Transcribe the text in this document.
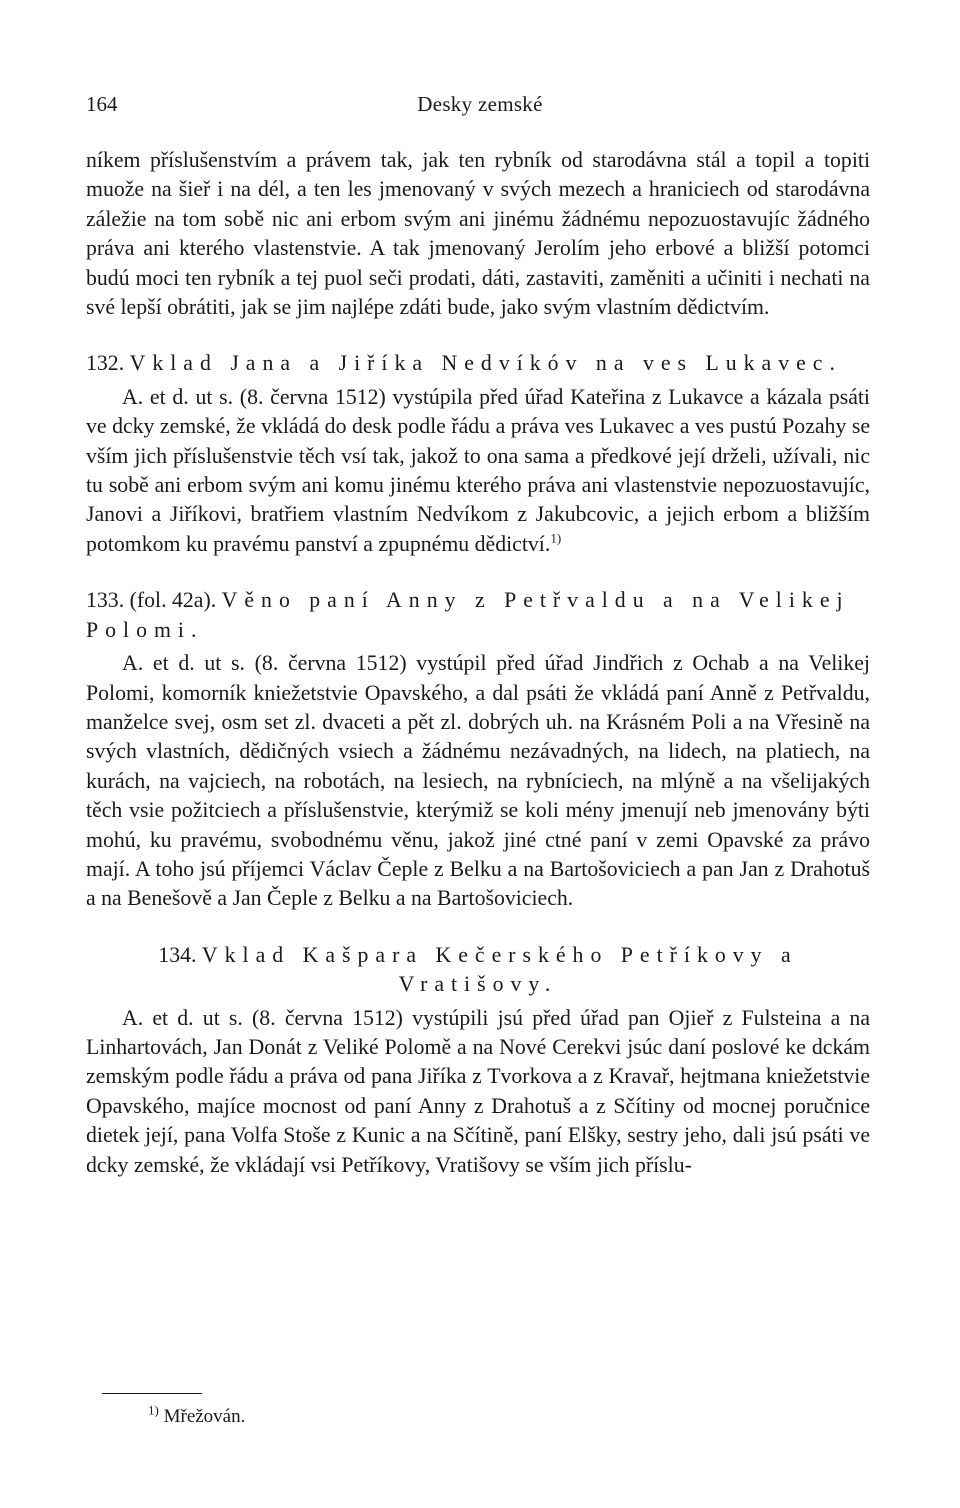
164	Desky zemské

níkem příslušenstvím a právem tak, jak ten rybník od starodávna stál a topil a topiti muože na šieř i na dél, a ten les jmenovaný v svých mezech a hraniciech od starodávna záležie na tom sobě nic ani erbom svým ani jinému žádnému nepozuostavujíc žádného práva ani kterého vlastenstvie. A tak jmenovaný Jerolím jeho erbové a bližší potomci budú moci ten rybník a tej puol seči prodati, dáti, zastaviti, zaměniti a učiniti i nechati na své lepší obrátiti, jak se jim najlépe zdáti bude, jako svým vlastním dědictvím.

132. Vklad Jana a Jiříka Nedvíkóv na ves Lukavec.

A. et d. ut s. (8. června 1512) vystúpila před úřad Kateřina z Lukavce a kázala psáti ve dcky zemské, že vkládá do desk podle řádu a práva ves Lukavec a ves pustú Pozahy se vším jich příslušenstvie těch vsí tak, jakož to ona sama a předkové její drželi, užívali, nic tu sobě ani erbom svým ani komu jinému kterého práva ani vlastenstvie nepozuostavujíc, Janovi a Jiříkovi, bratřiem vlastním Nedvíkom z Jakubcovic, a jejich erbom a bližším potomkom ku pravému panství a zpupnému dědictví.$^{1)}$

133. (fol. 42a). Věno paní Anny z Petřvaldu a na Velikej Polomi.

A. et d. ut s. (8. června 1512) vystúpil před úřad Jindřich z Ochab a na Velikej Polomi, komorník kniežetstvie Opavského, a dal psáti že vkládá paní Anně z Petřvaldu, manželce svej, osm set zl. dvaceti a pět zl. dobrých uh. na Krásném Poli a na Vřesině na svých vlastních, dědičných vsiech a žádnému nezávadných, na lidech, na platiech, na kurách, na vajciech, na robotách, na lesiech, na rybníciech, na mlýně a na všelijakých těch vsie požitciech a příslušenstvie, kterýmiž se koli mény jmenují neb jmenovány býti mohú, ku pravému, svobodnému věnu, jakož jiné ctné paní v zemi Opavské za právo mají. A toho jsú příjemci Václav Čeple z Belku a na Bartošoviciech a pan Jan z Drahotuš a na Benešově a Jan Čeple z Belku a na Bartošoviciech.

134. Vklad Kašpara Kečerského Petříkovy a Vratišovy.

A. et d. ut s. (8. června 1512) vystúpili jsú před úřad pan Ojieř z Fulsteina a na Linhartovách, Jan Donát z Veliké Polomě a na Nové Cerekvi jsúc daní poslové ke dckám zemským podle řádu a práva od pana Jiříka z Tvorkova a z Kravař, hejtmana kniežetstvie Opavského, majíce mocnost od paní Anny z Drahotuš a z Sčítiny od mocnej poručnice dietek její, pana Volfa Stoše z Kunic a na Sčítině, paní Elšky, sestry jeho, dali jsú psáti ve dcky zemské, že vkládají vsi Petříkovy, Vratišovy se vším jich příslu-

$^{1)}$ Mřežován.
